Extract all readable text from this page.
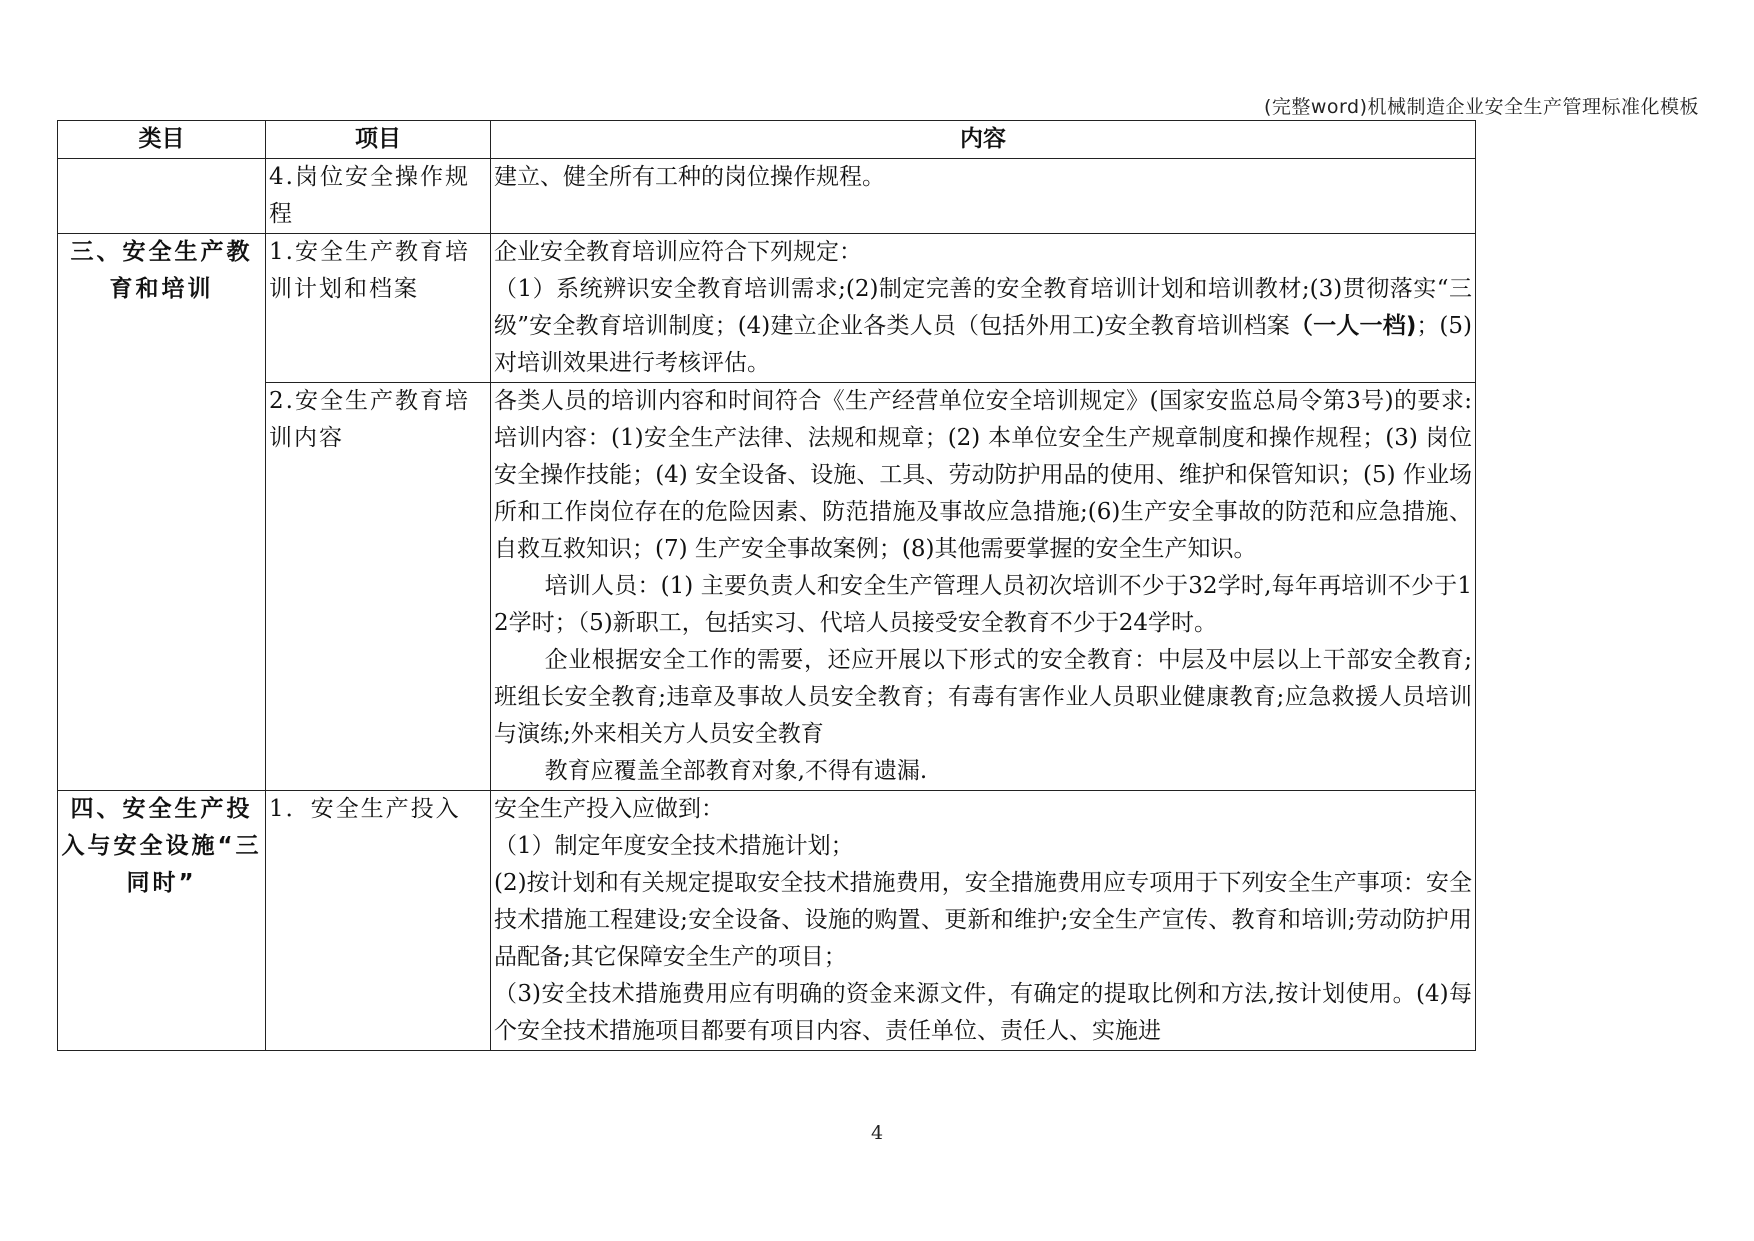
(完整word)机械制造企业安全生产管理标准化模板
类目	项目	内容
	4.岗位安全操作规程	建立、健全所有工种的岗位操作规程。

三、安全生产教育和培训	1.安全生产教育培训计划和档案	企业安全教育培训应符合下列规定：

（1）系统辨识安全教育培训需求;(2)制定完善的安全教育培训计划和培训教材;(3)贯彻落实“三级”安全教育培训制度；(4)建立企业各类人员（包括外用工)安全教育培训档案（一人一档)；(5)对培训效果进行考核评估。

	2.安全生产教育培训内容	各类人员的培训内容和时间符合《生产经营单位安全培训规定》(国家安监总局令第3号)的要求:培训内容：(1)安全生产法律、法规和规章；(2) 本单位安全生产规章制度和操作规程；(3) 岗位安全操作技能；(4) 安全设备、设施、工具、劳动防护用品的使用、维护和保管知识；(5) 作业场所和工作岗位存在的危险因素、防范措施及事故应急措施;(6)生产安全事故的防范和应急措施、自救互救知识；(7) 生产安全事故案例；(8)其他需要掌握的安全生产知识。

培训人员：(1) 主要负责人和安全生产管理人员初次培训不少于32学时,每年再培训不少于12学时；（5)新职工，包括实习、代培人员接受安全教育不少于24学时。

企业根据安全工作的需要，还应开展以下形式的安全教育：中层及中层以上干部安全教育;班组长安全教育;违章及事故人员安全教育；有毒有害作业人员职业健康教育;应急救援人员培训与演练;外来相关方人员安全教育

教育应覆盖全部教育对象,不得有遗漏.

四、安全生产投入与安全设施“三同时”	1．安全生产投入	安全生产投入应做到：

（1）制定年度安全技术措施计划；

(2)按计划和有关规定提取安全技术措施费用，安全措施费用应专项用于下列安全生产事项：安全技术措施工程建设;安全设备、设施的购置、更新和维护;安全生产宣传、教育和培训;劳动防护用品配备;其它保障安全生产的项目；

（3)安全技术措施费用应有明确的资金来源文件，有确定的提取比例和方法,按计划使用。(4)每个安全技术措施项目都要有项目内容、责任单位、责任人、实施进

4
